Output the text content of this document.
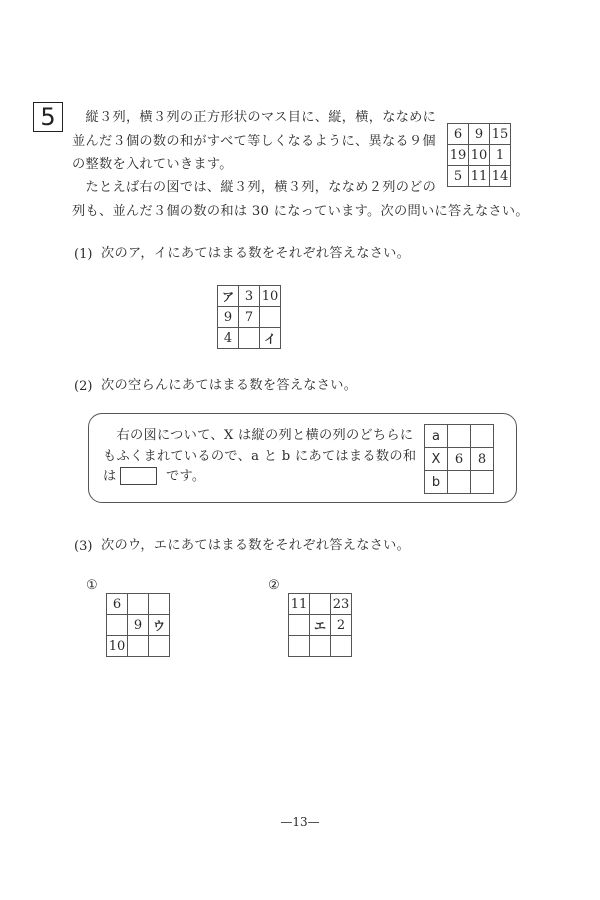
5 　縦３列，横３列の正方形状のマス目に、縦，横，ななめに
並んだ３個の数の和がすべて等しくなるように、異なる９個
の整数を入れていきます。
　たとえば右の図では、縦３列，横３列，ななめ２列のどの
列も、並んだ３個の数の和は 30 になっています。次の問いに答えなさい。
6	9	15
19	10	1
5	11	14
(1) 次のア，イにあてはまる数をそれぞれ答えなさい。
ア	3	10
9	7	
4		イ
(2) 次の空らんにあてはまる数を答えなさい。
　右の図について、X は縦の列と横の列のどちらに
もふくまれているので、a と b にあてはまる数の和
は	です。
a		
X	6	8
b		
(3) 次のウ，エにあてはまる数をそれぞれ答えなさい。
①
6		
	9	ウ
10		
②
11		23
	エ	2

—13—
